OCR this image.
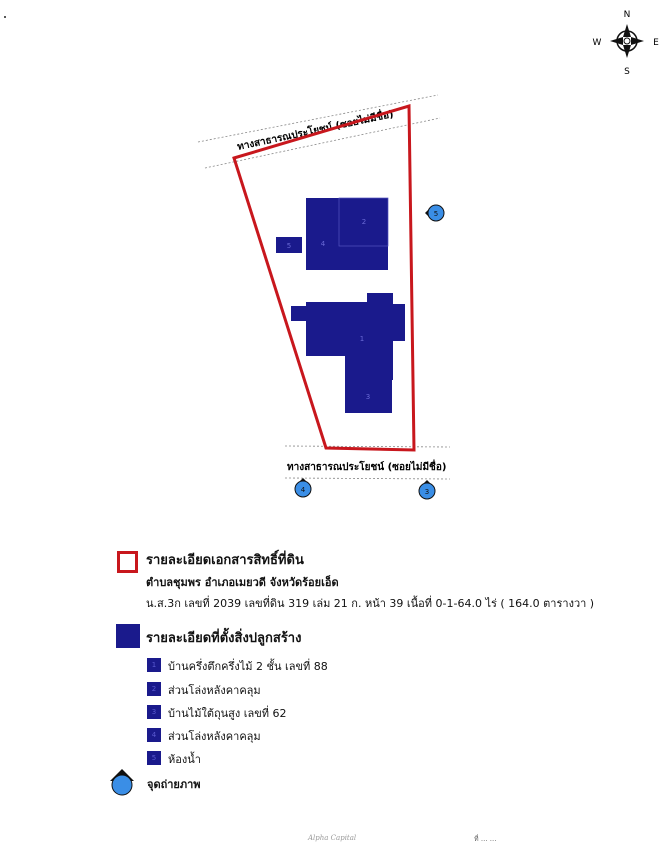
N
S
W	E
ทางสาธารณประโยชน์ (ซอยไม่มีชื่อ)
ทางสาธารณประโยชน์ (ซอยไม่มีชื่อ)
2
4
5
1
3
5
4	3
รายละเอียดเอกสารสิทธิ์ที่ดิน
ตำบลชุมพร อำเภอเมยวดี จังหวัดร้อยเอ็ด
น.ส.3ก เลขที่ 2039 เลขที่ดิน 319 เล่ม 21 ก. หน้า 39 เนื้อที่ 0-1-64.0 ไร่ ( 164.0 ตารางวา )
รายละเอียดที่ตั้งสิ่งปลูกสร้าง
1	บ้านครึ่งตึกครึ่งไม้ 2 ชั้น เลขที่ 88
2	ส่วนโล่งหลังคาคลุม
3	บ้านไม้ใต้ถุนสูง เลขที่ 62
4	ส่วนโล่งหลังคาคลุม
5	ห้องน้ำ
จุดถ่ายภาพ
Alpha Capital	ที่ ... ...
